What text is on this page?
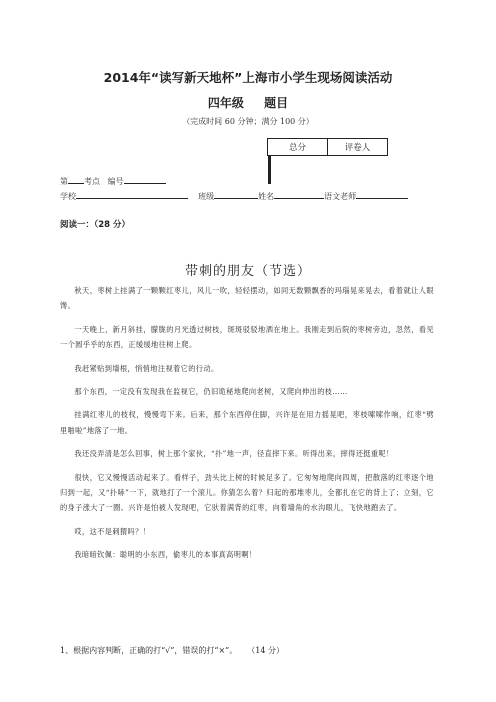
2014年“读写新天地杯”上海市小学生现场阅读活动
四年级 题目
（完成时间 60 分钟；满分 100 分）
总分	评卷人

第 考点 编号
学校	班级	姓名	语文老师
阅读一：（28 分）
带刺的朋友（节选）

秋天，枣树上挂满了一颗颗红枣儿，风儿一吹，轻轻摆动，如同无数颗飘香的玛瑙晃来晃去，看着就让人眼馋。

一天晚上，新月斜挂，朦胧的月光透过树枝，斑斑驳驳地洒在地上。我刚走到后院的枣树旁边，忽然，看见一个圆乎乎的东西，正缓缓地往树上爬。

我赶紧贴到墙根，悄悄地注视着它的行动。

那个东西，一定没有发现我在监视它，仍旧诡秘地爬向老树，又爬向伸出的枝……

挂满红枣儿的枝杈，慢慢弯下来。后来，那个东西停住脚，兴许是在用力摇晃吧，枣枝嗦嗦作响，红枣“劈里啪啦”地落了一地。

我还没弄清是怎么回事，树上那个家伙，“扑”地一声，径直摔下来。听得出来，摔得还挺重呢！

很快，它又慢慢活动起来了。看样子，劲头比上树的时候足多了。它匆匆地爬向四周，把散落的红枣逐个地归到一起，又“扑哧”一下，就地打了一个滚儿。你猜怎么着？归起的那堆枣儿，全都扎在它的背上了；立刻，它的身子涨大了一圈。兴许是怕被人发现吧，它驮着满背的红枣，向着墙角的水沟眼儿，飞快地跑去了。

哎，这不是刺猬吗？！

我暗暗钦佩：聪明的小东西，偷枣儿的本事真高明啊！

1、根据内容判断，正确的打“√”，错误的打“×”。 （14 分）
